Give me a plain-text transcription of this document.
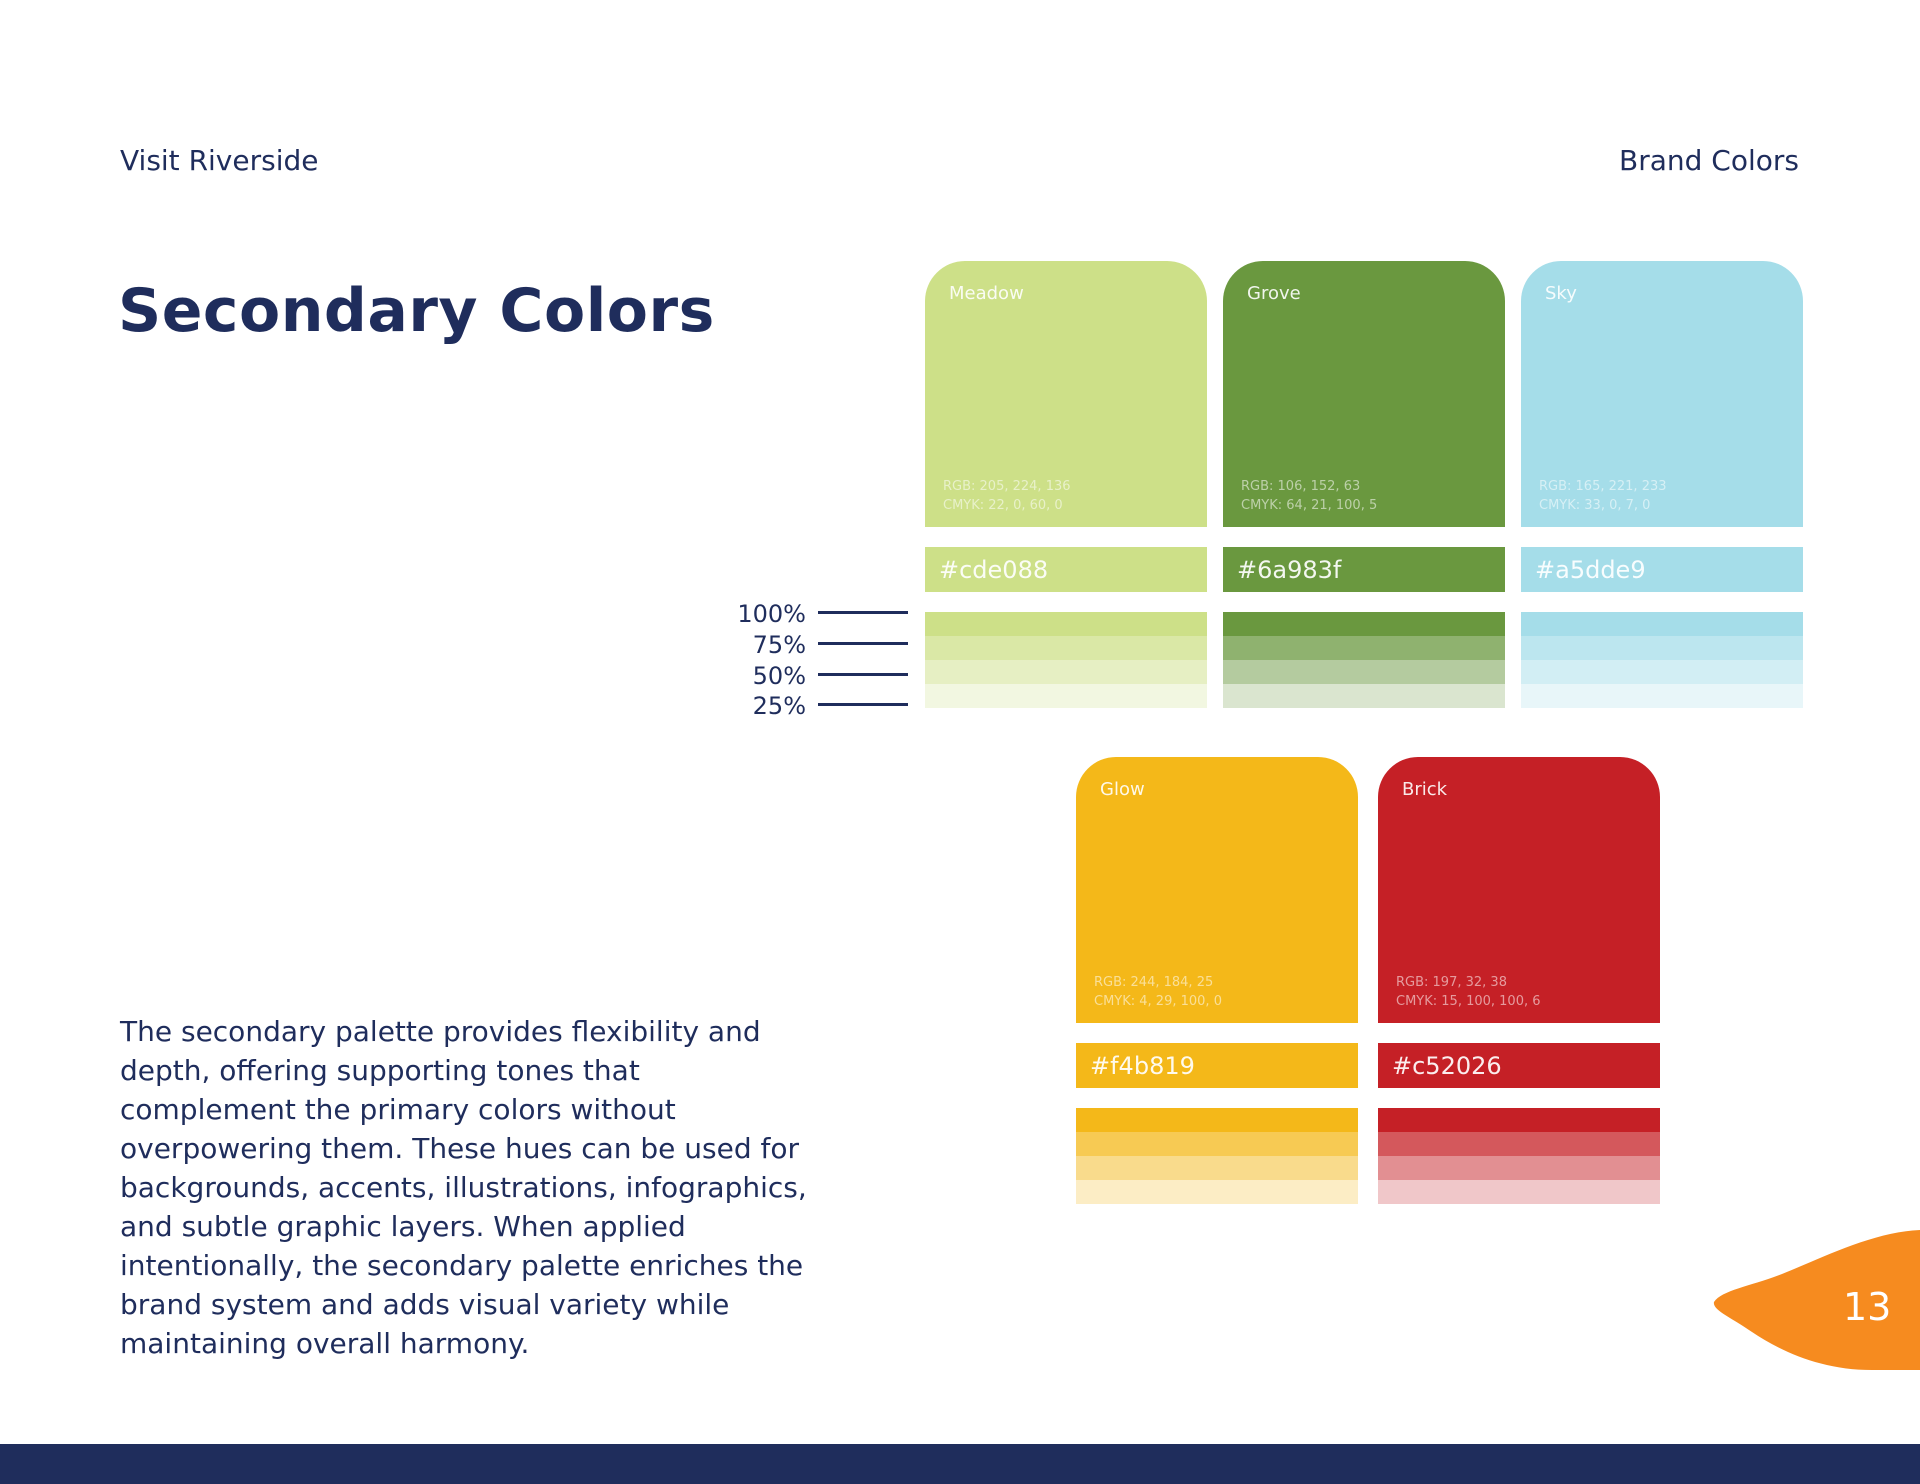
Visit Riverside	Brand Colors
Secondary Colors
100%
75%
50%
25%
Meadow
RGB: 205, 224, 136
CMYK: 22, 0, 60, 0
#cde088
Grove
RGB: 106, 152, 63
CMYK: 64, 21, 100, 5
#6a983f
Sky
RGB: 165, 221, 233
CMYK: 33, 0, 7, 0
#a5dde9
Glow
RGB: 244, 184, 25
CMYK: 4, 29, 100, 0
#f4b819
Brick
RGB: 197, 32, 38
CMYK: 15, 100, 100, 6
#c52026

The secondary palette provides flexibility and depth, offering supporting tones that complement the primary colors without overpowering them. These hues can be used for backgrounds, accents, illustrations, infographics, and subtle graphic layers. When applied intentionally, the secondary palette enriches the brand system and adds visual variety while maintaining overall harmony.

13
